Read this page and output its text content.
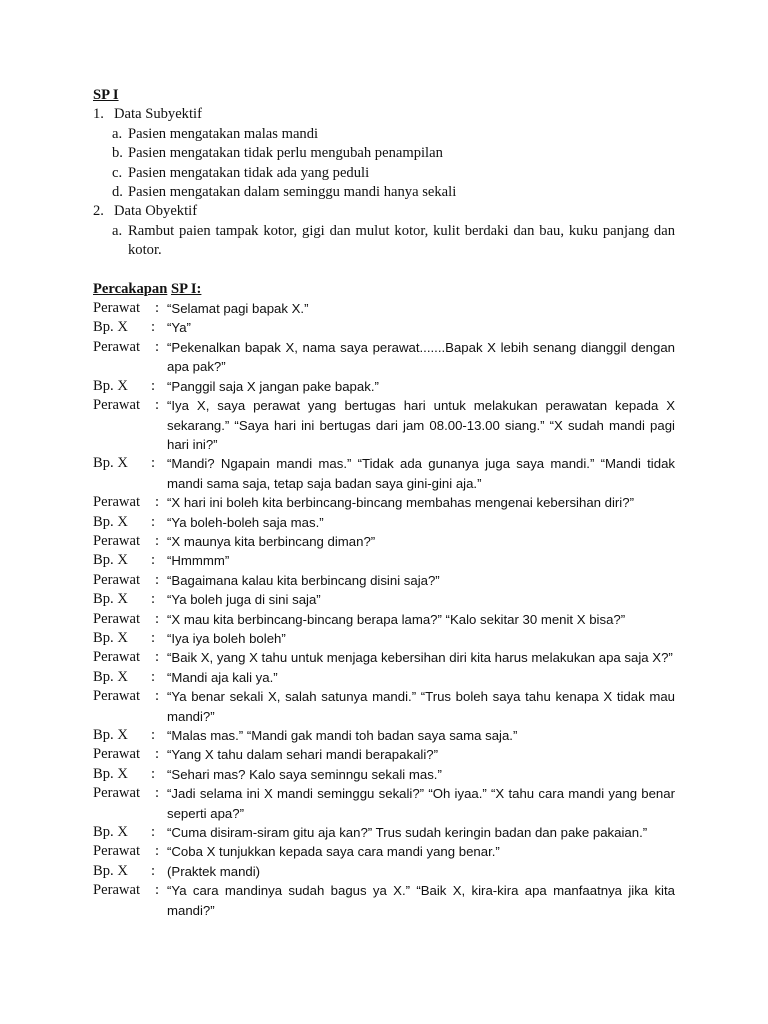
SP I
1. Data Subyektif
a. Pasien mengatakan malas mandi
b. Pasien mengatakan tidak perlu mengubah penampilan
c. Pasien mengatakan tidak ada yang peduli
d. Pasien mengatakan dalam seminggu mandi hanya sekali
2. Data Obyektif
a. Rambut paien tampak kotor, gigi dan mulut kotor, kulit berdaki dan bau, kuku panjang dan kotor.
Percakapan SP I:
Perawat : “Selamat pagi bapak X.”
Bp. X : “Ya”
Perawat : “Pekenalkan bapak X, nama saya perawat.......Bapak X lebih senang dianggil dengan apa pak?”
Bp. X : “Panggil saja X jangan pake bapak.”
Perawat : “Iya X, saya perawat yang bertugas hari untuk melakukan perawatan kepada X sekarang.” “Saya hari ini bertugas dari jam 08.00-13.00 siang.” “X sudah mandi pagi hari ini?”
Bp. X : “Mandi? Ngapain mandi mas.” “Tidak ada gunanya juga saya mandi.” “Mandi tidak mandi sama saja, tetap saja badan saya gini-gini aja.”
Perawat : “X hari ini boleh kita berbincang-bincang membahas mengenai kebersihan diri?”
Bp. X : “Ya boleh-boleh saja mas.”
Perawat : “X maunya kita berbincang diman?”
Bp. X : “Hmmmm”
Perawat : “Bagaimana kalau kita berbincang disini saja?”
Bp. X : “Ya boleh juga di sini saja”
Perawat : “X mau kita berbincang-bincang berapa lama?” “Kalo sekitar 30 menit X bisa?”
Bp. X : “Iya iya boleh boleh”
Perawat : “Baik X, yang X tahu untuk menjaga kebersihan diri kita harus melakukan apa saja X?”
Bp. X : “Mandi aja kali ya.”
Perawat : “Ya benar sekali X, salah satunya mandi.” “Trus boleh saya tahu kenapa X tidak mau mandi?”
Bp. X : “Malas mas.” “Mandi gak mandi toh badan saya sama saja.”
Perawat : “Yang X tahu dalam sehari mandi berapakali?”
Bp. X : “Sehari mas? Kalo saya seminngu sekali mas.”
Perawat : “Jadi selama ini X mandi seminggu sekali?” “Oh iyaa.” “X tahu cara mandi yang benar seperti apa?”
Bp. X : “Cuma disiram-siram gitu aja kan?” Trus sudah keringin badan dan pake pakaian.”
Perawat : “Coba X tunjukkan kepada saya cara mandi yang benar.”
Bp. X : (Praktek mandi)
Perawat : “Ya cara mandinya sudah bagus ya X.” “Baik X, kira-kira apa manfaatnya jika kita mandi?”
